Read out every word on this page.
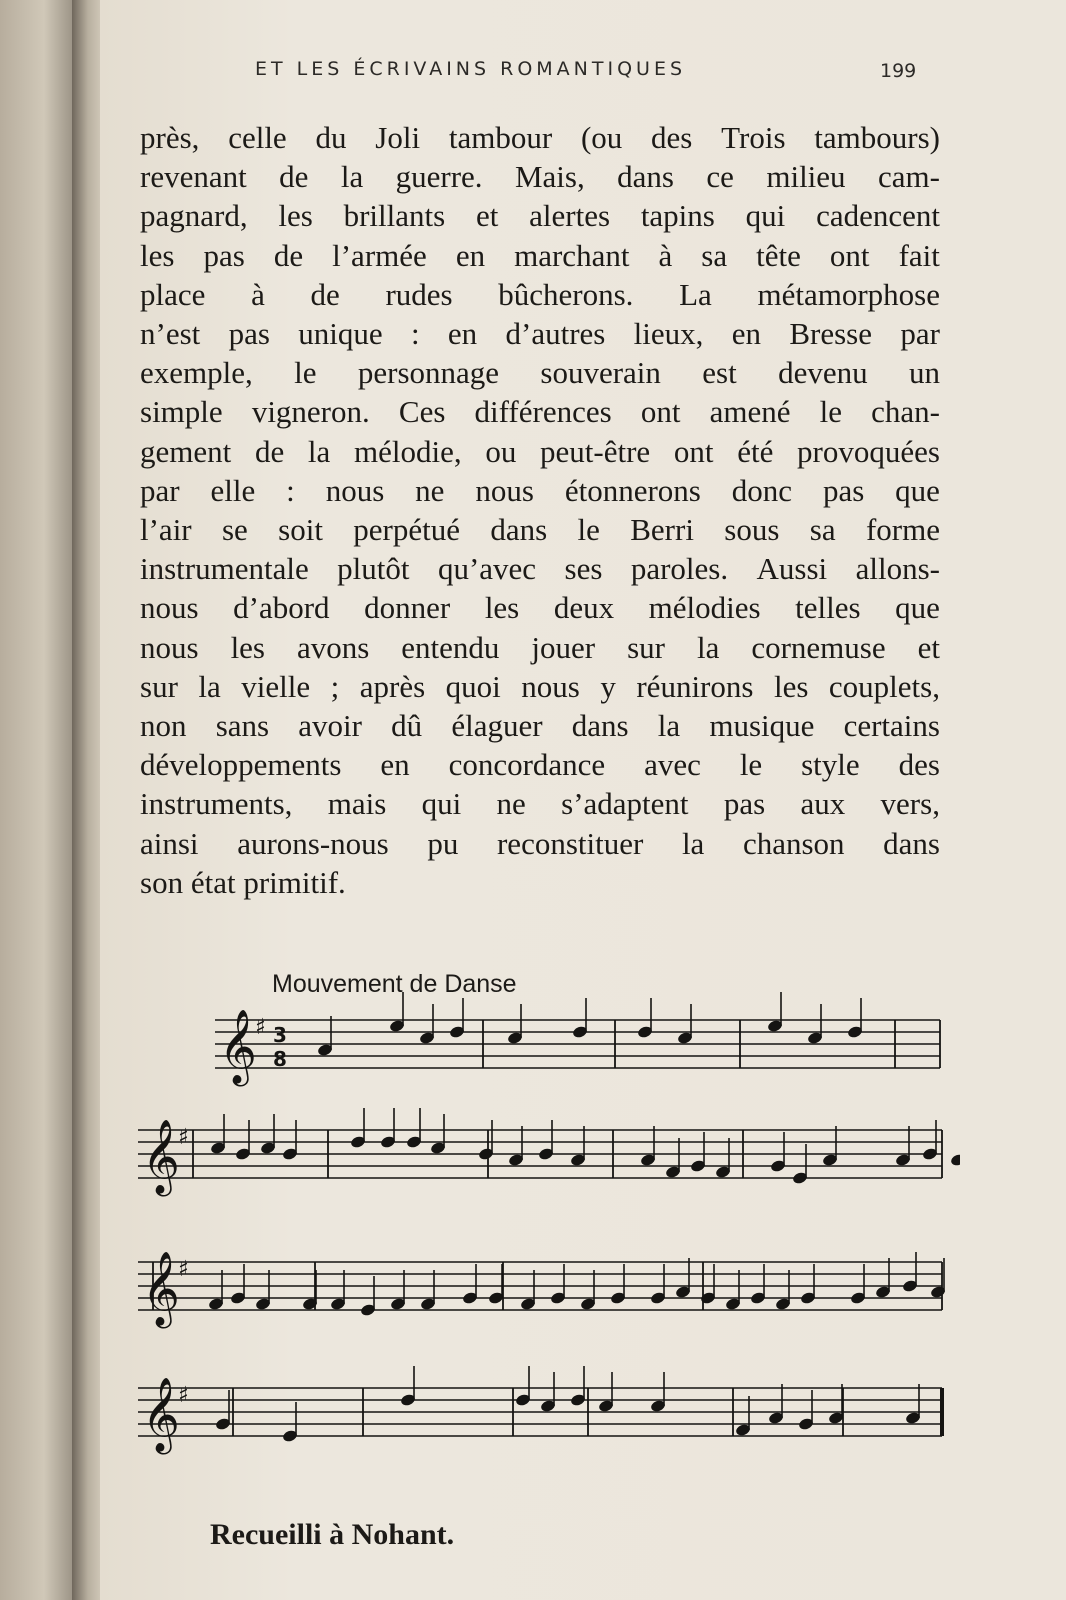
ET LES ÉCRIVAINS ROMANTIQUES	199
près, celle du Joli tambour (ou des Trois tambours)
revenant de la guerre. Mais, dans ce milieu cam-
pagnard, les brillants et alertes tapins qui cadencent
les pas de l’armée en marchant à sa tête ont fait
place à de rudes bûcherons. La métamorphose
n’est pas unique : en d’autres lieux, en Bresse par
exemple, le personnage souverain est devenu un
simple vigneron. Ces différences ont amené le chan-
gement de la mélodie, ou peut-être ont été provoquées
par elle : nous ne nous étonnerons donc pas que
l’air se soit perpétué dans le Berri sous sa forme
instrumentale plutôt qu’avec ses paroles. Aussi allons-
nous d’abord donner les deux mélodies telles que
nous les avons entendu jouer sur la cornemuse et
sur la vielle ; après quoi nous y réunirons les couplets,
non sans avoir dû élaguer dans la musique certains
développements en concordance avec le style des
instruments, mais qui ne s’adaptent pas aux vers,
ainsi aurons-nous pu reconstituer la chanson dans
son état primitif.
Mouvement de Danse
𝄞
♯ 3
8
𝄞
♯
𝄞
♯
𝄞
♯
Recueilli à Nohant.
